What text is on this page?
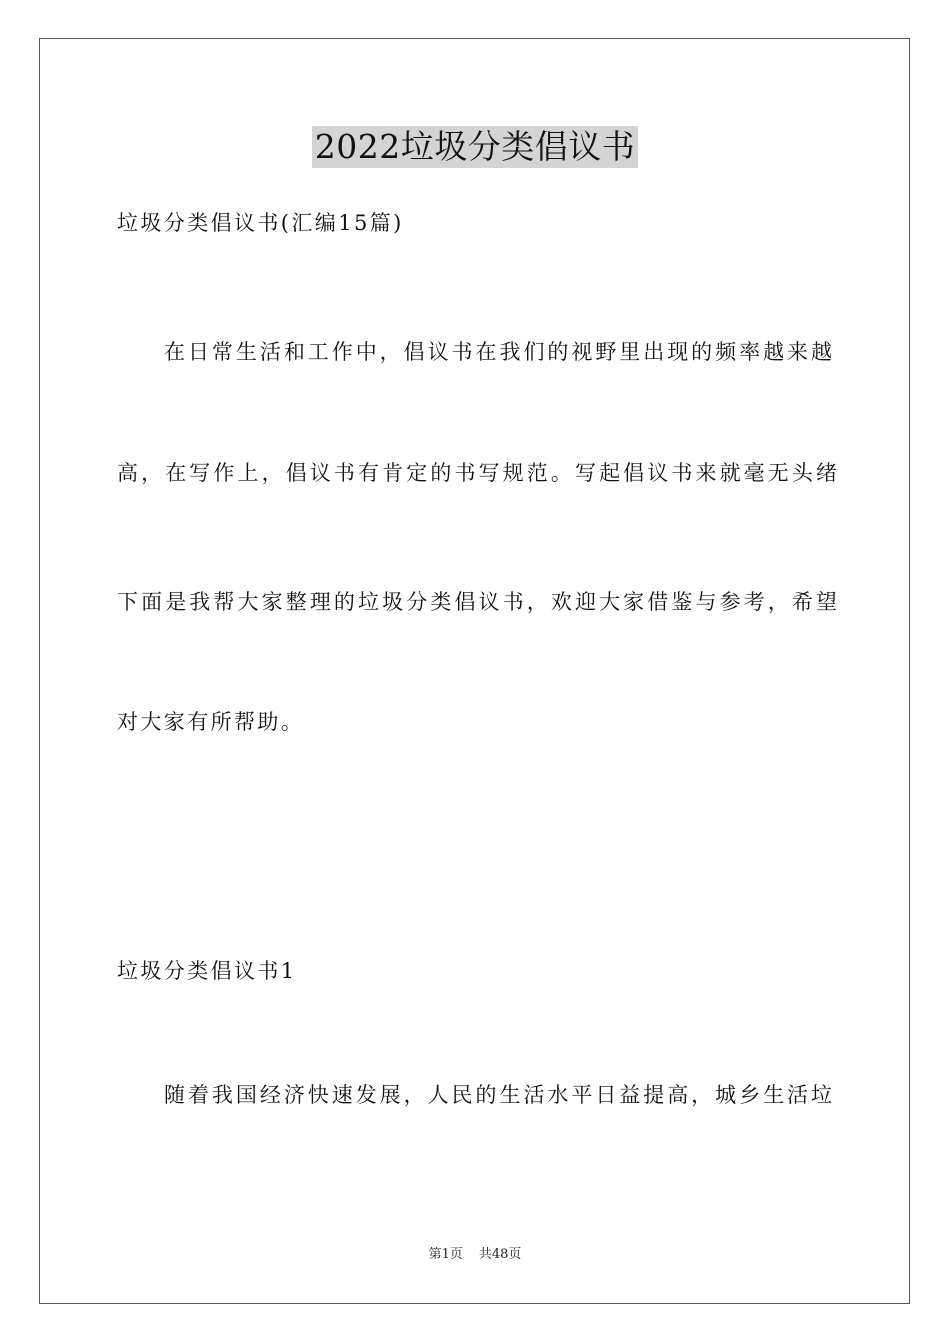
2022垃圾分类倡议书
垃圾分类倡议书(汇编15篇)
在日常生活和工作中，倡议书在我们的视野里出现的频率越来越
高，在写作上，倡议书有肯定的书写规范。写起倡议书来就毫无头绪
下面是我帮大家整理的垃圾分类倡议书，欢迎大家借鉴与参考，希望
对大家有所帮助。
垃圾分类倡议书1
随着我国经济快速发展，人民的生活水平日益提高，城乡生活垃
第1页 共48页
